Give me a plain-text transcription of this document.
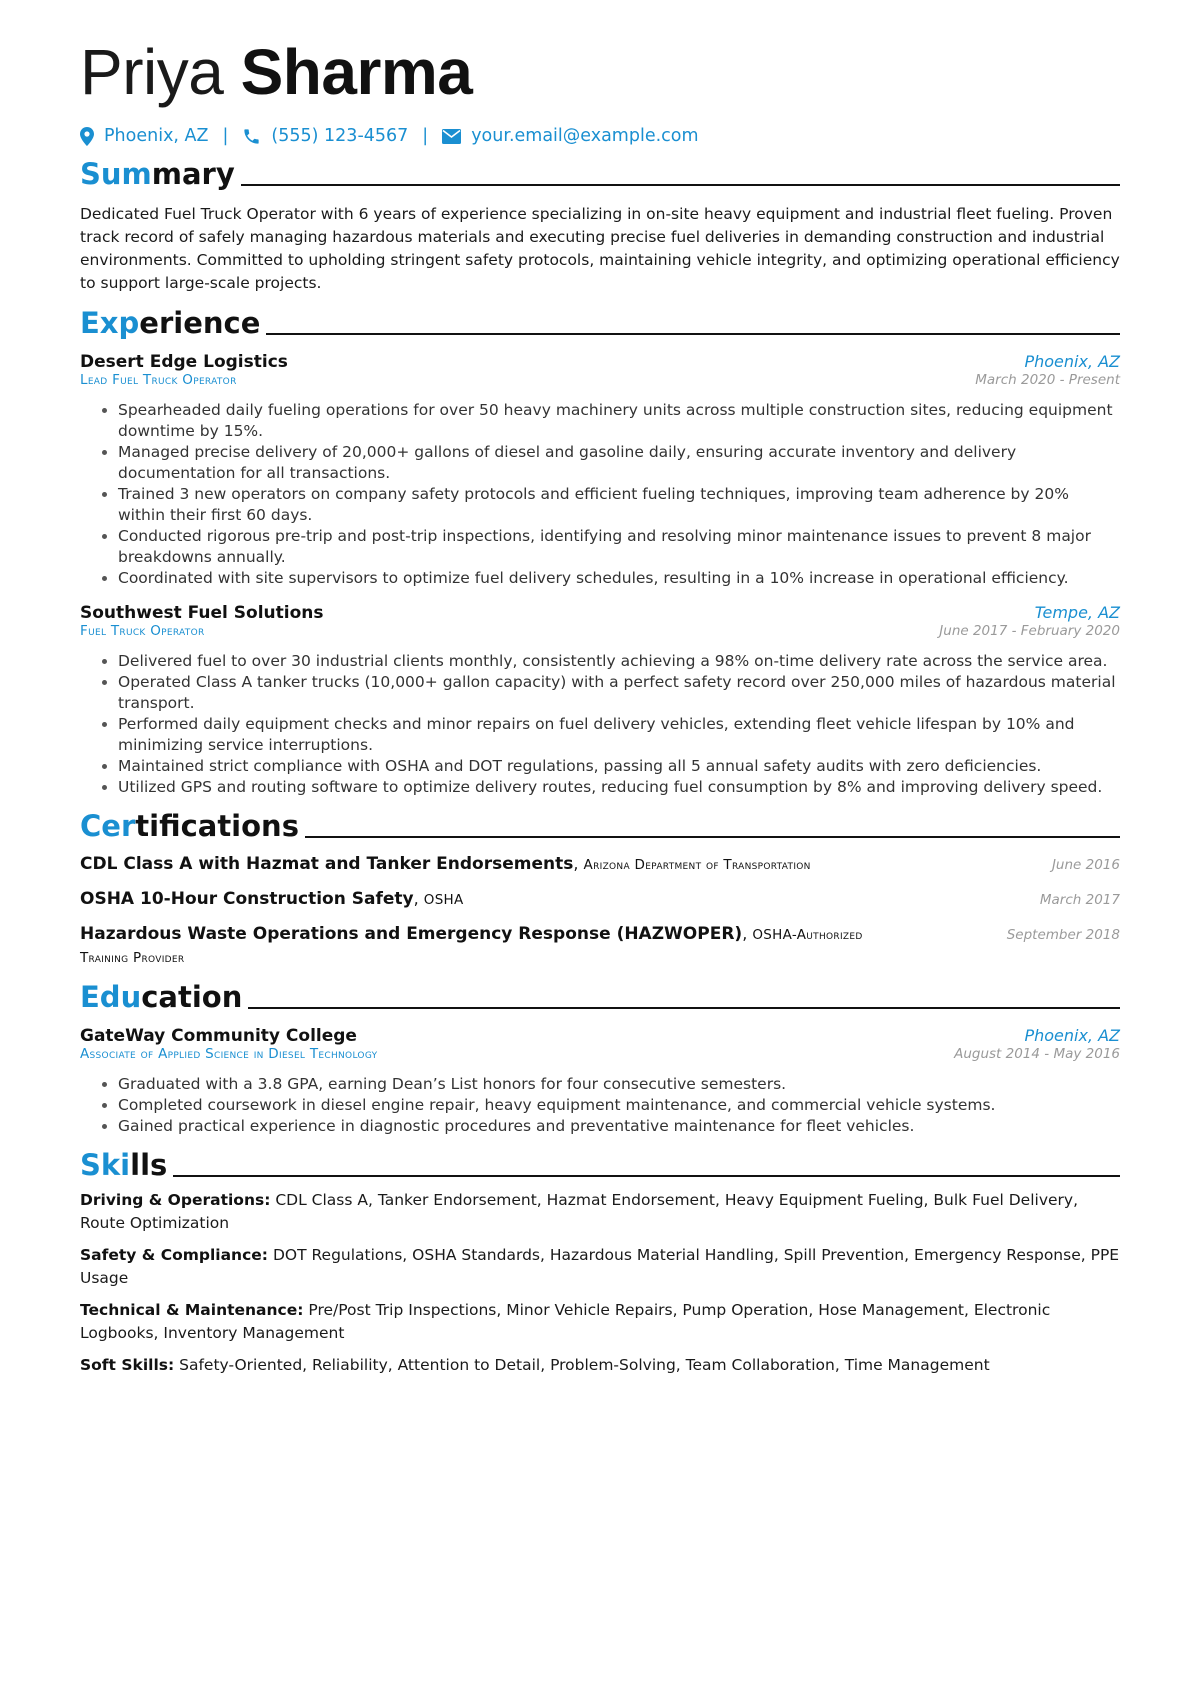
Priya Sharma
Phoenix, AZ | (555) 123-4567 | your.email@example.com
Summary

Dedicated Fuel Truck Operator with 6 years of experience specializing in on-site heavy equipment and industrial fleet fueling. Proven track record of safely managing hazardous materials and executing precise fuel deliveries in demanding construction and industrial environments. Committed to upholding stringent safety protocols, maintaining vehicle integrity, and optimizing operational efficiency to support large-scale projects.

Experience
Desert Edge Logistics	Phoenix, AZ
Lead Fuel Truck Operator	March 2020 - Present
• Spearheaded daily fueling operations for over 50 heavy machinery units across multiple construction sites, reducing equipment downtime by 15%.
• Managed precise delivery of 20,000+ gallons of diesel and gasoline daily, ensuring accurate inventory and delivery documentation for all transactions.
• Trained 3 new operators on company safety protocols and efficient fueling techniques, improving team adherence by 20% within their first 60 days.
• Conducted rigorous pre-trip and post-trip inspections, identifying and resolving minor maintenance issues to prevent 8 major breakdowns annually.
• Coordinated with site supervisors to optimize fuel delivery schedules, resulting in a 10% increase in operational efficiency.
Southwest Fuel Solutions	Tempe, AZ
Fuel Truck Operator	June 2017 - February 2020
• Delivered fuel to over 30 industrial clients monthly, consistently achieving a 98% on-time delivery rate across the service area.
• Operated Class A tanker trucks (10,000+ gallon capacity) with a perfect safety record over 250,000 miles of hazardous material transport.
• Performed daily equipment checks and minor repairs on fuel delivery vehicles, extending fleet vehicle lifespan by 10% and minimizing service interruptions.
• Maintained strict compliance with OSHA and DOT regulations, passing all 5 annual safety audits with zero deficiencies.
• Utilized GPS and routing software to optimize delivery routes, reducing fuel consumption by 8% and improving delivery speed.
Certifications
CDL Class A with Hazmat and Tanker Endorsements, Arizona Department of Transportation	June 2016
OSHA 10-Hour Construction Safety, OSHA	March 2017
Hazardous Waste Operations and Emergency Response (HAZWOPER), OSHA-Authorized Training Provider
September 2018
Education
GateWay Community College	Phoenix, AZ
Associate of Applied Science in Diesel Technology	August 2014 - May 2016
• Graduated with a 3.8 GPA, earning Dean’s List honors for four consecutive semesters.
• Completed coursework in diesel engine repair, heavy equipment maintenance, and commercial vehicle systems.
• Gained practical experience in diagnostic procedures and preventative maintenance for fleet vehicles.
Skills
Driving & Operations: CDL Class A, Tanker Endorsement, Hazmat Endorsement, Heavy Equipment Fueling, Bulk Fuel Delivery, Route Optimization
Safety & Compliance: DOT Regulations, OSHA Standards, Hazardous Material Handling, Spill Prevention, Emergency Response, PPE Usage
Technical & Maintenance: Pre/Post Trip Inspections, Minor Vehicle Repairs, Pump Operation, Hose Management, Electronic Logbooks, Inventory Management
Soft Skills: Safety-Oriented, Reliability, Attention to Detail, Problem-Solving, Team Collaboration, Time Management
